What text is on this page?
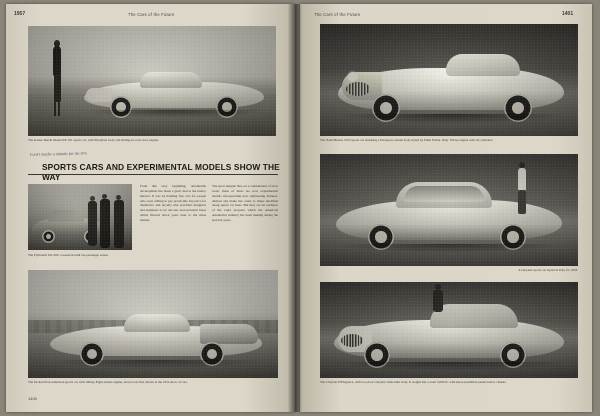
1957	The Cars of the Future
The Kaiser-Darrin Model KF-161 sports car, with fiberglass body and sliding-in-cowl-door engine.
Ford's maybe a mistake for the 50's
SPORTS CARS AND EXPERIMENTAL MODELS SHOW THE WAY
The Plymouth XX-500, a research-built six-passenger sedan.
From this very beginning, automobile development has made a great deal to the luxury interest. It was by handing free cars for people who were willing to pay practically any price for distinctive and novelty that provided designers and engineers to try out new and exclusive ideas which filtered down years later to the mass market.
The sport designs that, on a combination of slow work, these of ideas are now experimental models incorporating new engineering features. Almost any make has come to shape modified along sporty car lines. But they are all evidence of the rapid progress which the American automotive industry has been making during the postwar years.
The Packard Pan-American sports car with 180-hp Eight-in-line engine, shown was first shown at the 1952 show of cars.
1400
The Cars of the Future	1401
The Nash-Healey 1953 sports car featuring a European custom body styled by Pinin Farina. Only 150-hp engine with six cylinders.
A Chrysler sports car styled in Italy for 1953.
The Chrysler D'Elegance, with two-door Chrysler Ghia-built body. It weighs but a scant 3,000 lb. with hand-assembled panels below chassis.
